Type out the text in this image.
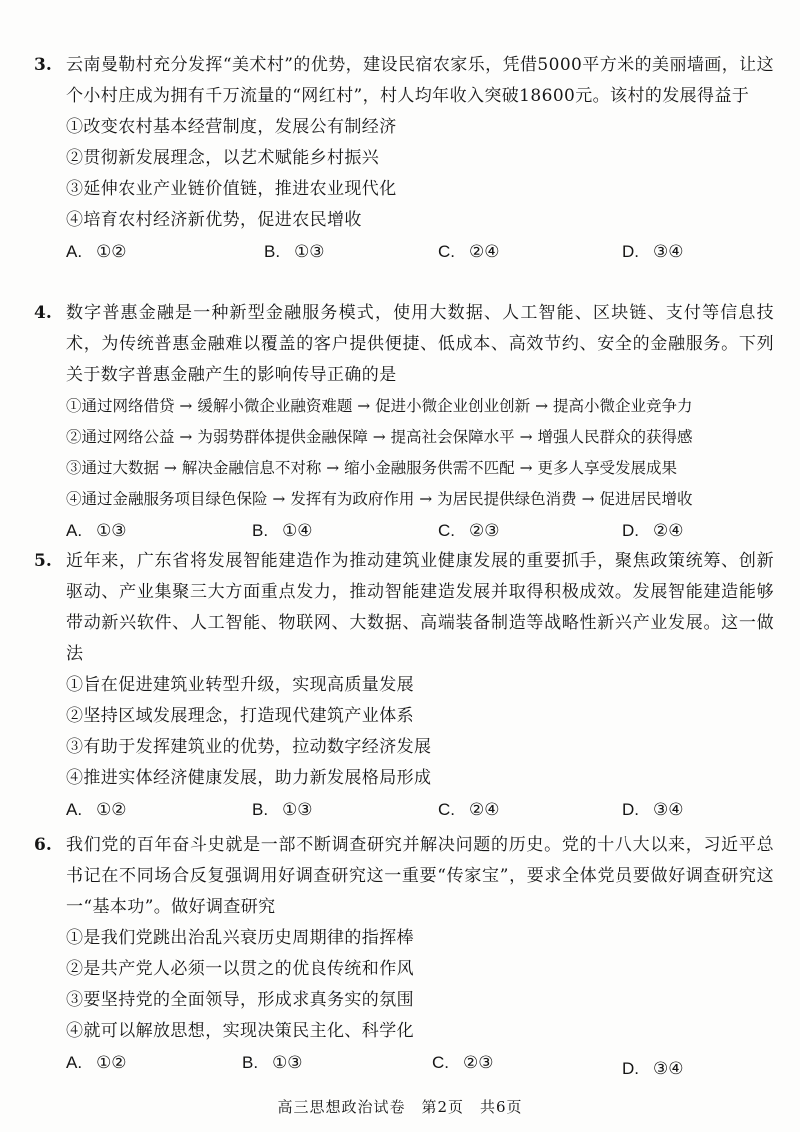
3. 云南曼勒村充分发挥“美术村”的优势，建设民宿农家乐，凭借5000平方米的美丽墙画，让这个小村庄成为拥有千万流量的“网红村”，村人均年收入突破18600元。该村的发展得益于
①改变农村基本经营制度，发展公有制经济
②贯彻新发展理念，以艺术赋能乡村振兴
③延伸农业产业链价值链，推进农业现代化
④培育农村经济新优势，促进农民增收
A. ①②	B. ①③	C. ②④	D. ③④
4. 数字普惠金融是一种新型金融服务模式，使用大数据、人工智能、区块链、支付等信息技术，为传统普惠金融难以覆盖的客户提供便捷、低成本、高效节约、安全的金融服务。下列关于数字普惠金融产生的影响传导正确的是
①通过网络借贷 → 缓解小微企业融资难题 → 促进小微企业创业创新 → 提高小微企业竞争力
②通过网络公益 → 为弱势群体提供金融保障 → 提高社会保障水平 → 增强人民群众的获得感
③通过大数据 → 解决金融信息不对称 → 缩小金融服务供需不匹配 → 更多人享受发展成果
④通过金融服务项目绿色保险 → 发挥有为政府作用 → 为居民提供绿色消费 → 促进居民增收
A. ①③	B. ①④	C. ②③	D. ②④
5. 近年来，广东省将发展智能建造作为推动建筑业健康发展的重要抓手，聚焦政策统筹、创新驱动、产业集聚三大方面重点发力，推动智能建造发展并取得积极成效。发展智能建造能够带动新兴软件、人工智能、物联网、大数据、高端装备制造等战略性新兴产业发展。这一做法
①旨在促进建筑业转型升级，实现高质量发展
②坚持区域发展理念，打造现代建筑产业体系
③有助于发挥建筑业的优势，拉动数字经济发展
④推进实体经济健康发展，助力新发展格局形成
A. ①②	B. ①③	C. ②④	D. ③④
6. 我们党的百年奋斗史就是一部不断调查研究并解决问题的历史。党的十八大以来，习近平总书记在不同场合反复强调用好调查研究这一重要“传家宝”，要求全体党员要做好调查研究这一“基本功”。做好调查研究
①是我们党跳出治乱兴衰历史周期律的指挥棒
②是共产党人必须一以贯之的优良传统和作风
③要坚持党的全面领导，形成求真务实的氛围
④就可以解放思想，实现决策民主化、科学化
A. ①②	B. ①③	C. ②③	D. ③④
高三思想政治试卷　第2页　共6页
